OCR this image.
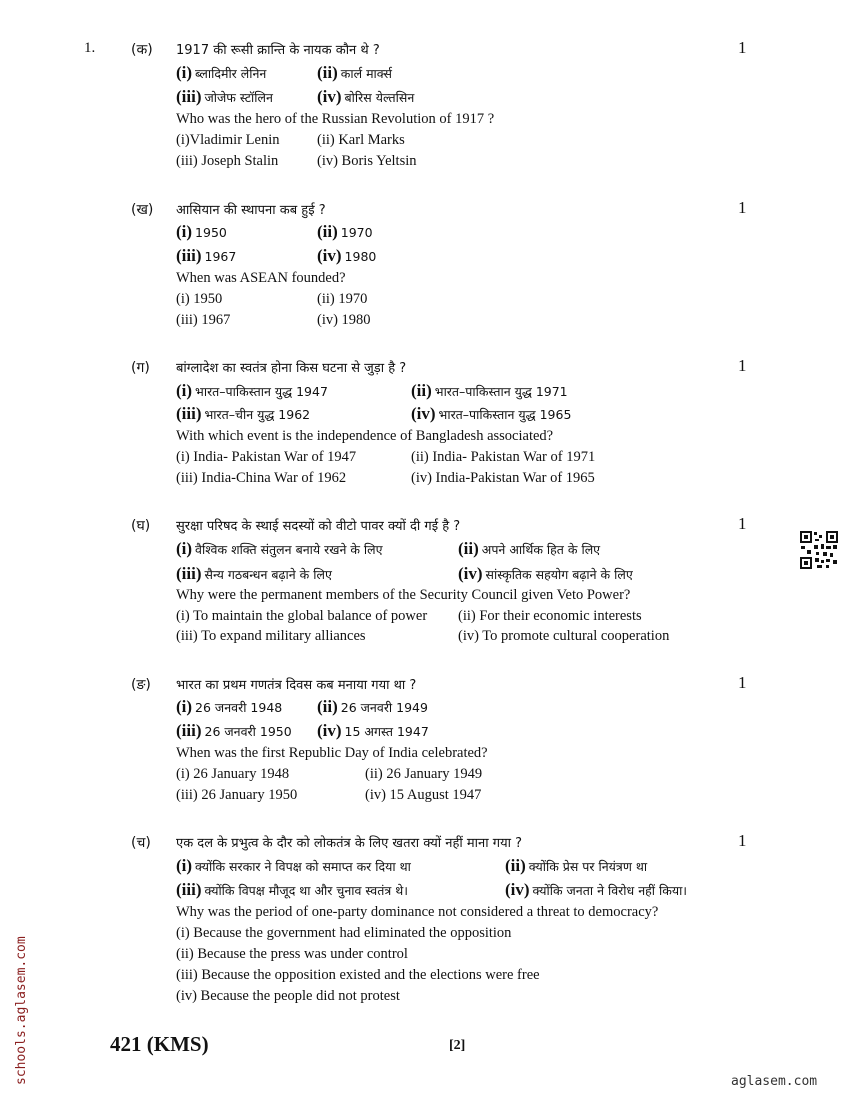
1.	(क) 1917 की रूसी क्रान्ति के नायक कौन थे ?	1
(i) ब्लादिमीर लेनिन	(ii) कार्ल मार्क्स
(iii) जोजेफ स्टॉलिन	(iv) बोरिस येल्तसिन
Who was the hero of the Russian Revolution of 1917 ?
(i)Vladimir Lenin	(ii) Karl Marks
(iii) Joseph Stalin	(iv) Boris Yeltsin
(ख) आसियान की स्थापना कब हुई ?	1
(i) 1950	(ii) 1970
(iii) 1967	(iv) 1980
When was ASEAN founded?
(i) 1950	(ii) 1970
(iii) 1967	(iv) 1980
(ग) बांग्लादेश का स्वतंत्र होना किस घटना से जुड़ा है ?	1
(i) भारत–पाकिस्तान युद्ध 1947	(ii) भारत–पाकिस्तान युद्ध 1971
(iii) भारत–चीन युद्ध 1962	(iv) भारत–पाकिस्तान युद्ध 1965
With which event is the independence of Bangladesh associated?
(i) India- Pakistan War of 1947	(ii) India- Pakistan War of 1971
(iii) India-China War of 1962	(iv) India-Pakistan War of 1965
(घ) सुरक्षा परिषद के स्थाई सदस्यों को वीटो पावर क्यों दी गई है ?	1
(i) वैश्विक शक्ति संतुलन बनाये रखने के लिए	(ii) अपने आर्थिक हित के लिए
(iii) सैन्य गठबन्धन बढ़ाने के लिए	(iv) सांस्कृतिक सहयोग बढ़ाने के लिए
Why were the permanent members of the Security Council given Veto Power?
(i) To maintain the global balance of power (ii) For their economic interests
(iii) To expand military alliances	(iv) To promote cultural cooperation
(ङ) भारत का प्रथम गणतंत्र दिवस कब मनाया गया था ?	1
(i) 26 जनवरी 1948 (ii) 26 जनवरी 1949
(iii) 26 जनवरी 1950 (iv) 15 अगस्त 1947
When was the first Republic Day of India celebrated?
(i) 26 January 1948	(ii) 26 January 1949
(iii) 26 January 1950	(iv) 15 August 1947
(च) एक दल के प्रभुत्व के दौर को लोकतंत्र के लिए खतरा क्यों नहीं माना गया ?	1
(i) क्योंकि सरकार ने विपक्ष को समाप्त कर दिया था	(ii) क्योंकि प्रेस पर नियंत्रण था
(iii) क्योंकि विपक्ष मौजूद था और चुनाव स्वतंत्र थे।	(iv) क्योंकि जनता ने विरोध नहीं किया।
Why was the period of one-party dominance not considered a threat to democracy?
(i) Because the government had eliminated the opposition
(ii) Because the press was under control
(iii) Because the opposition existed and the elections were free
(iv) Because the people did not protest
421 (KMS)	[2]
aglasem.com
schools.aglasem.com
